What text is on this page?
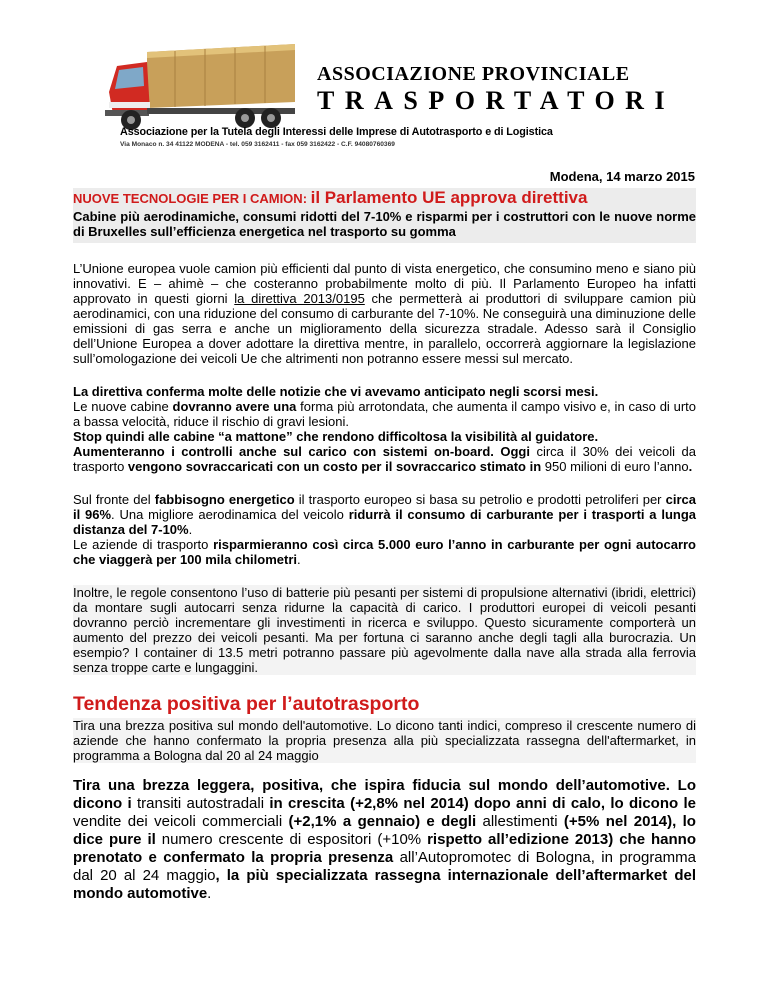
ASSOCIAZIONE PROVINCIALE
TRASPORTATORI
Associazione per la Tutela degli Interessi delle Imprese di Autotrasporto e di Logistica
Via Monaco n. 34 41122 MODENA - tel. 059 3162411 - fax 059 3162422 - C.F. 94080760369
Modena, 14 marzo 2015

NUOVE TECNOLOGIE PER I CAMION: il Parlamento UE approva direttiva

Cabine più aerodinamiche, consumi ridotti del 7-10% e risparmi per i costruttori con le nuove norme di Bruxelles sull’efficienza energetica nel trasporto su gomma

L’Unione europea vuole camion più efficienti dal punto di vista energetico, che consumino meno e siano più innovativi. E – ahimè – che costeranno probabilmente molto di più. Il Parlamento Europeo ha infatti approvato in questi giorni la direttiva 2013/0195 che permetterà ai produttori di sviluppare camion più aerodinamici, con una riduzione del consumo di carburante del 7-10%. Ne conseguirà una diminuzione delle emissioni di gas serra e anche un miglioramento della sicurezza stradale. Adesso sarà il Consiglio dell’Unione Europea a dover adottare la direttiva mentre, in parallelo, occorrerà aggiornare la legislazione sull’omologazione dei veicoli Ue che altrimenti non potranno essere messi sul mercato.

La direttiva conferma molte delle notizie che vi avevamo anticipato negli scorsi mesi.
Le nuove cabine dovranno avere una forma più arrotondata, che aumenta il campo visivo e, in caso di urto a bassa velocità, riduce il rischio di gravi lesioni.
Stop quindi alle cabine “a mattone” che rendono difficoltosa la visibilità al guidatore.
Aumenteranno i controlli anche sul carico con sistemi on-board. Oggi circa il 30% dei veicoli da trasporto vengono sovraccaricati con un costo per il sovraccarico stimato in 950 milioni di euro l’anno.

Sul fronte del fabbisogno energetico il trasporto europeo si basa su petrolio e prodotti petroliferi per circa il 96%. Una migliore aerodinamica del veicolo ridurrà il consumo di carburante per i trasporti a lunga distanza del 7-10%.
Le aziende di trasporto risparmieranno così circa 5.000 euro l’anno in carburante per ogni autocarro che viaggerà per 100 mila chilometri.

Inoltre, le regole consentono l’uso di batterie più pesanti per sistemi di propulsione alternativi (ibridi, elettrici) da montare sugli autocarri senza ridurne la capacità di carico. I produttori europei di veicoli pesanti dovranno perciò incrementare gli investimenti in ricerca e sviluppo. Questo sicuramente comporterà un aumento del prezzo dei veicoli pesanti. Ma per fortuna ci saranno anche degli tagli alla burocrazia. Un esempio? I container di 13.5 metri potranno passare più agevolmente dalla nave alla strada alla ferrovia senza troppe carte e lungaggini.

Tendenza positiva per l’autotrasporto

Tira una brezza positiva sul mondo dell'automotive. Lo dicono tanti indici, compreso il crescente numero di aziende che hanno confermato la propria presenza alla più specializzata rassegna dell'aftermarket, in programma a Bologna dal 20 al 24 maggio

Tira una brezza leggera, positiva, che ispira fiducia sul mondo dell’automotive. Lo dicono i transiti autostradali in crescita (+2,8% nel 2014) dopo anni di calo, lo dicono le vendite dei veicoli commerciali (+2,1% a gennaio) e degli allestimenti (+5% nel 2014), lo dice pure il numero crescente di espositori (+10% rispetto all’edizione 2013) che hanno prenotato e confermato la propria presenza all’Autopromotec di Bologna, in programma dal 20 al 24 maggio, la più specializzata rassegna internazionale dell’aftermarket del mondo automotive.
